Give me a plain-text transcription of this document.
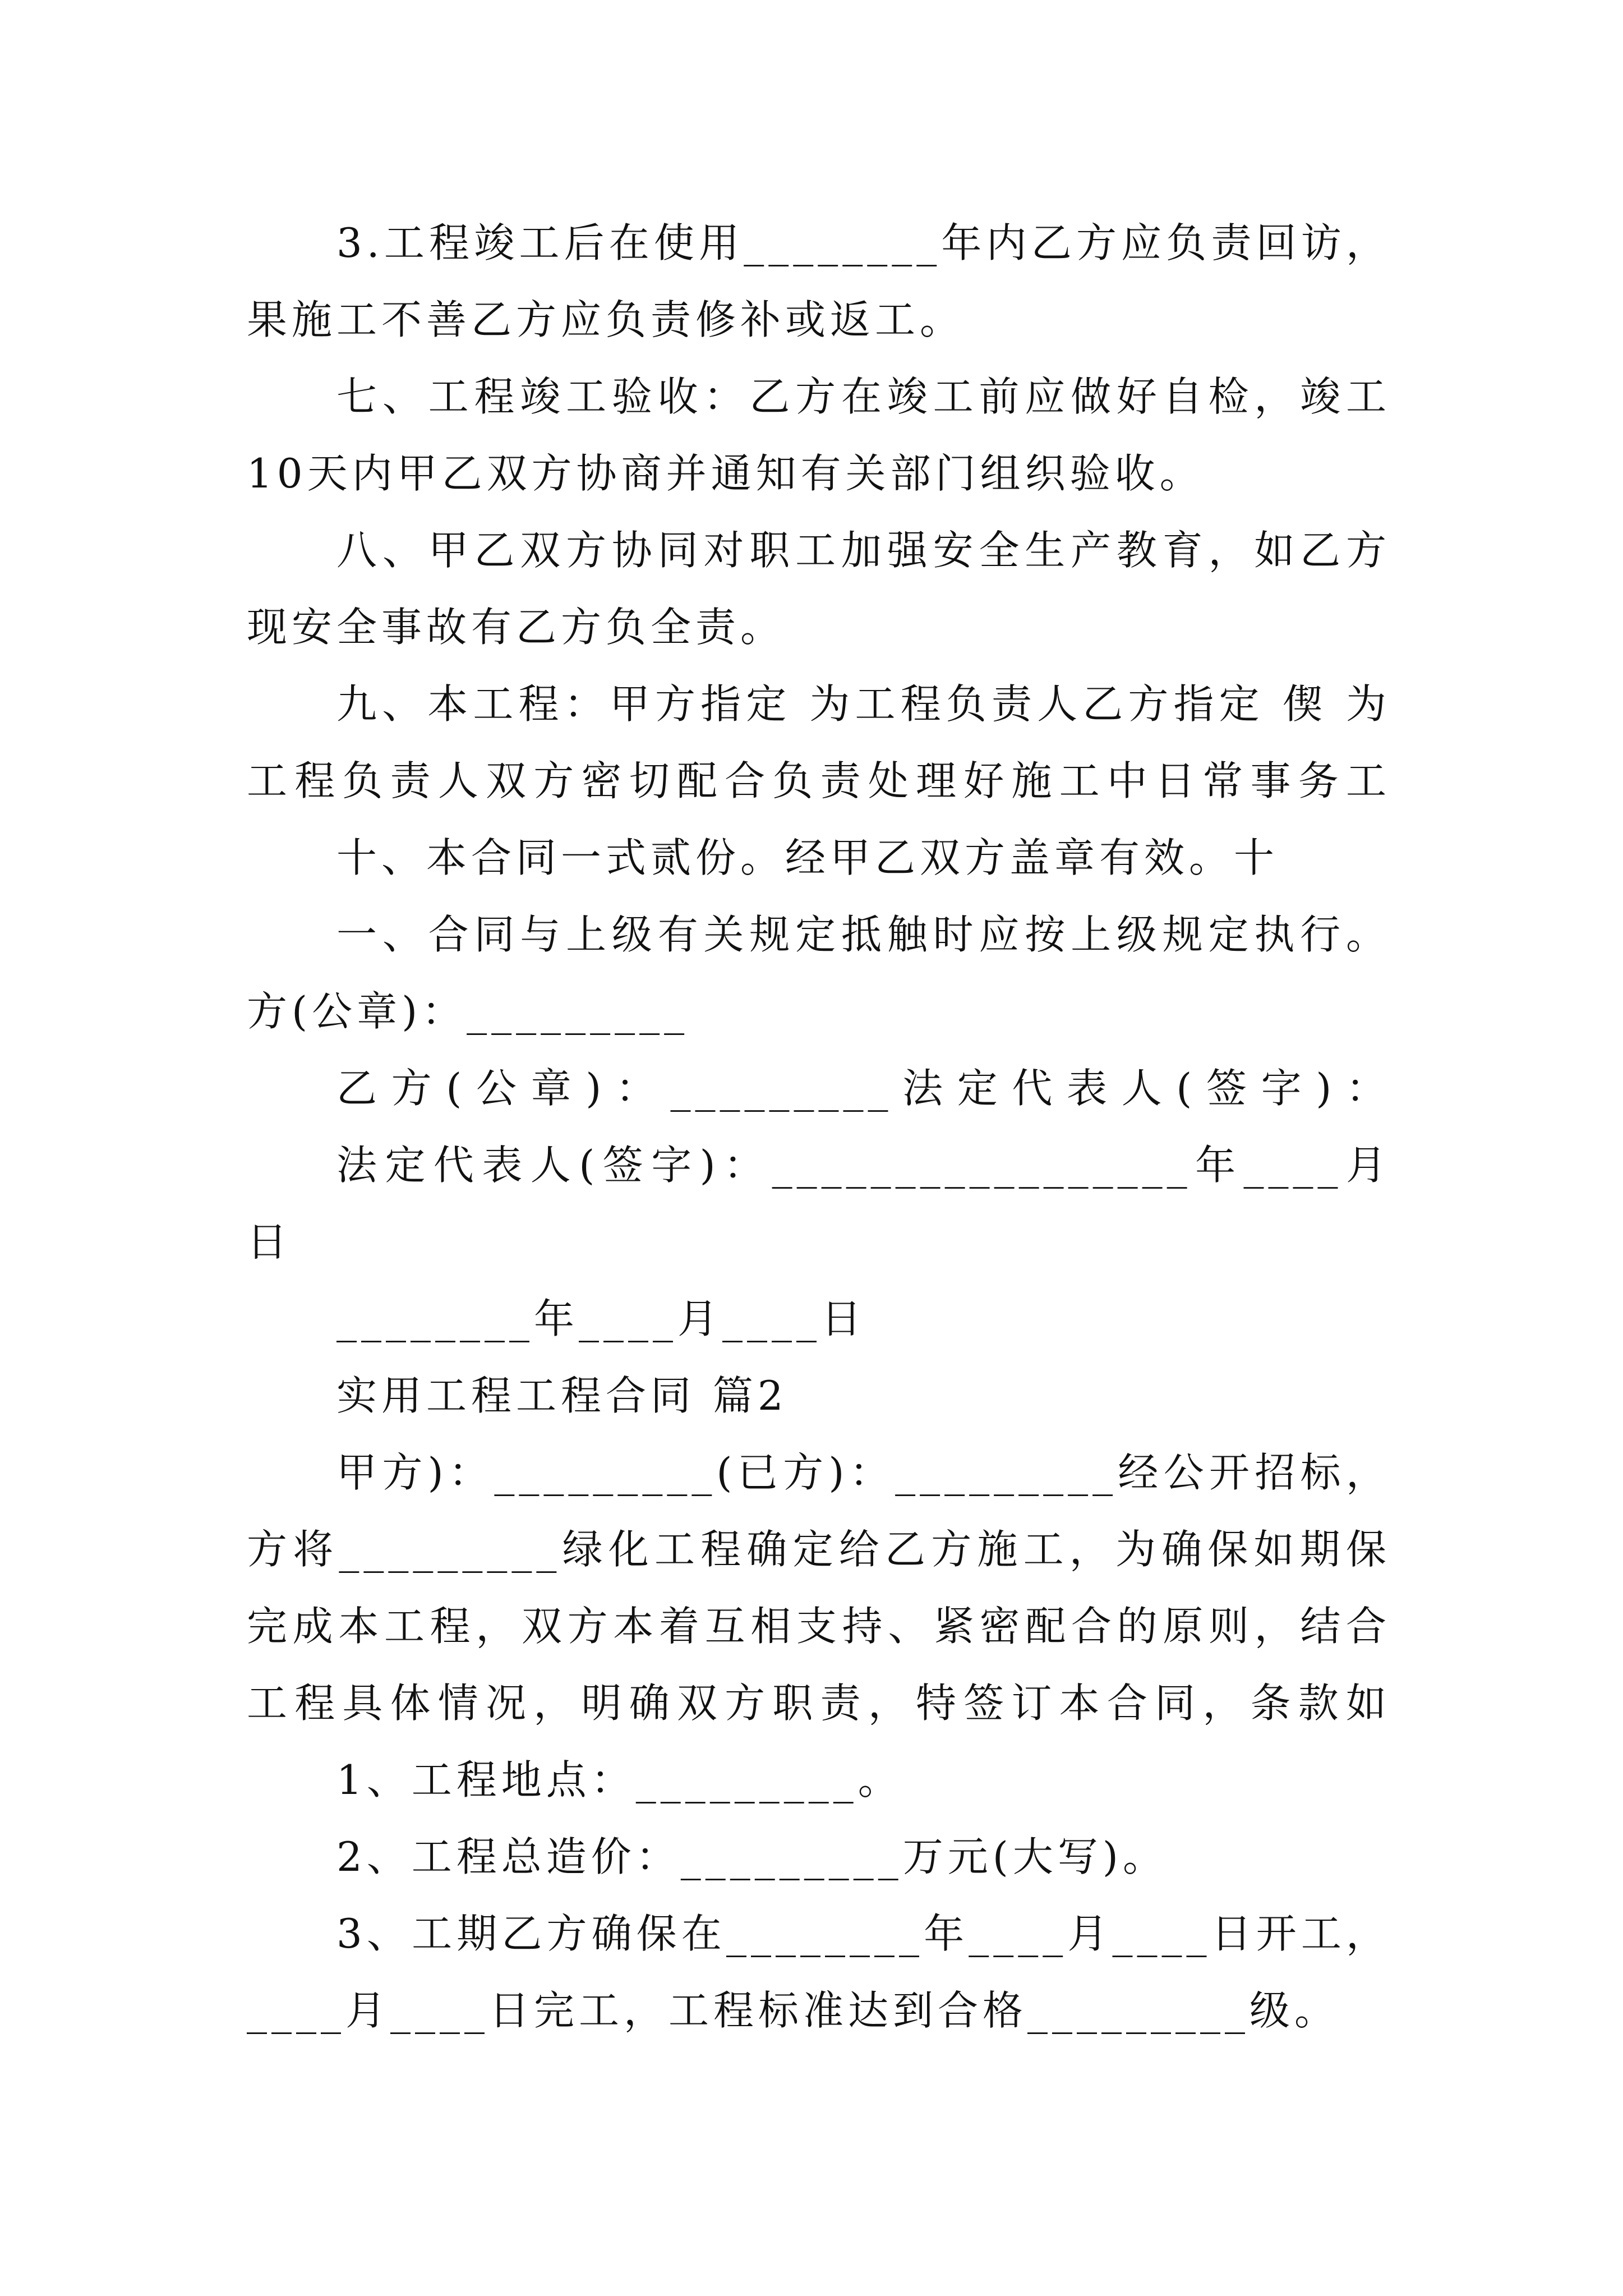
3.工程竣工后在使用________年内乙方应负责回访，
果施工不善乙方应负责修补或返工。
七、工程竣工验收：乙方在竣工前应做好自检，竣工
10天内甲乙双方协商并通知有关部门组织验收。
八、甲乙双方协同对职工加强安全生产教育，如乙方
现安全事故有乙方负全责。
九、本工程：甲方指定 为工程负责人乙方指定 偰 为
工程负责人双方密切配合负责处理好施工中日常事务工
十、本合同一式贰份。经甲乙双方盖章有效。十
一、合同与上级有关规定抵触时应按上级规定执行。
方(公章)：_________
乙方(公章)：_________法定代表人(签字)：
法定代表人(签字)：_________________年____月
日
________年____月____日
实用工程工程合同 篇2
甲方)：_________(已方)：_________经公开招标，
方将_________绿化工程确定给乙方施工，为确保如期保
完成本工程，双方本着互相支持、紧密配合的原则，结合
工程具体情况，明确双方职责，特签订本合同，条款如
1、工程地点：_________。
2、工程总造价：_________万元(大写)。
3、工期乙方确保在________年____月____日开工，
____月____日完工，工程标准达到合格_________级。
